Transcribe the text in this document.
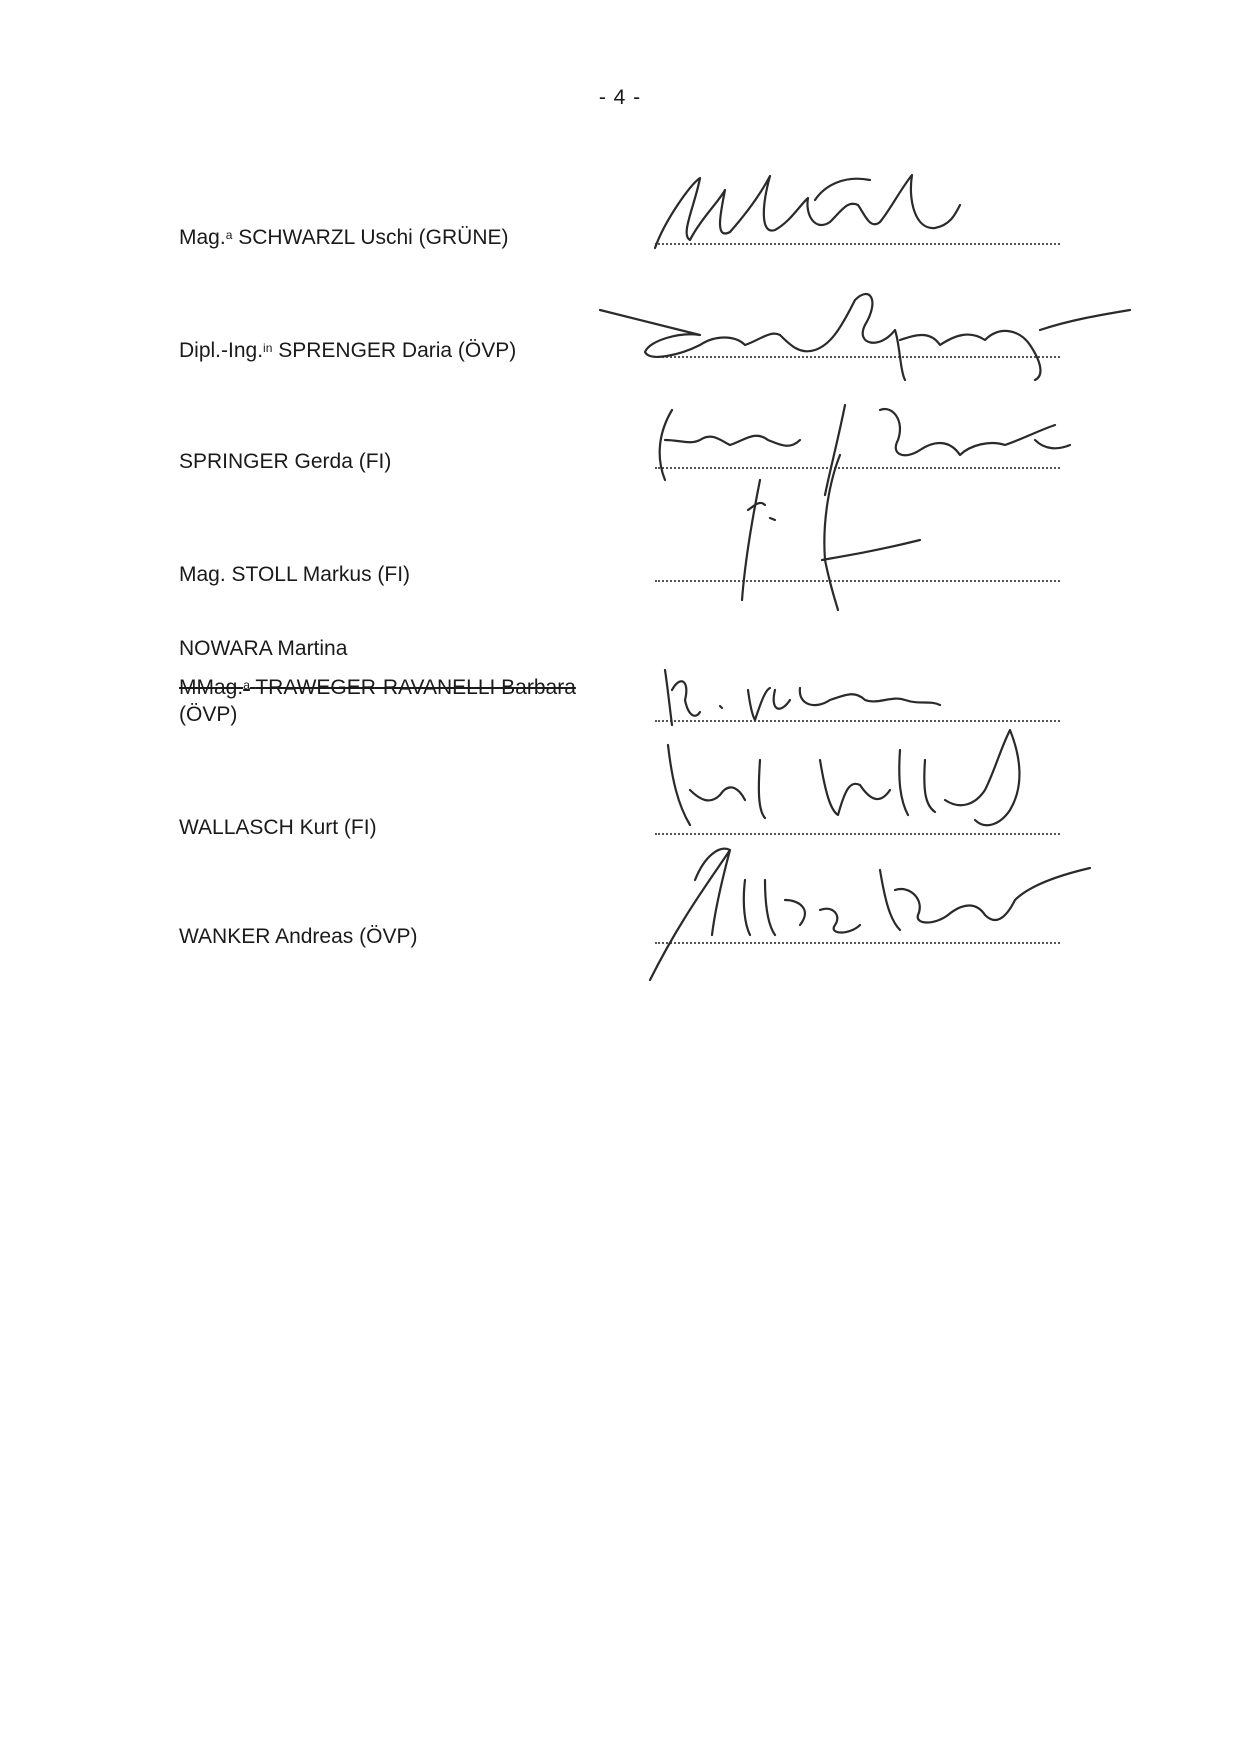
- 4 -
Mag.$^a$ SCHWARZL Uschi (GRÜNE)
Dipl.-Ing.$^{in}$ SPRENGER Daria (ÖVP)
SPRINGER Gerda (FI)
Mag. STOLL Markus (FI)
NOWARA Martina
MMag.$^a$ TRAWEGER-RAVANELLI Barbara
(ÖVP)
WALLASCH Kurt (FI)
WANKER Andreas (ÖVP)
